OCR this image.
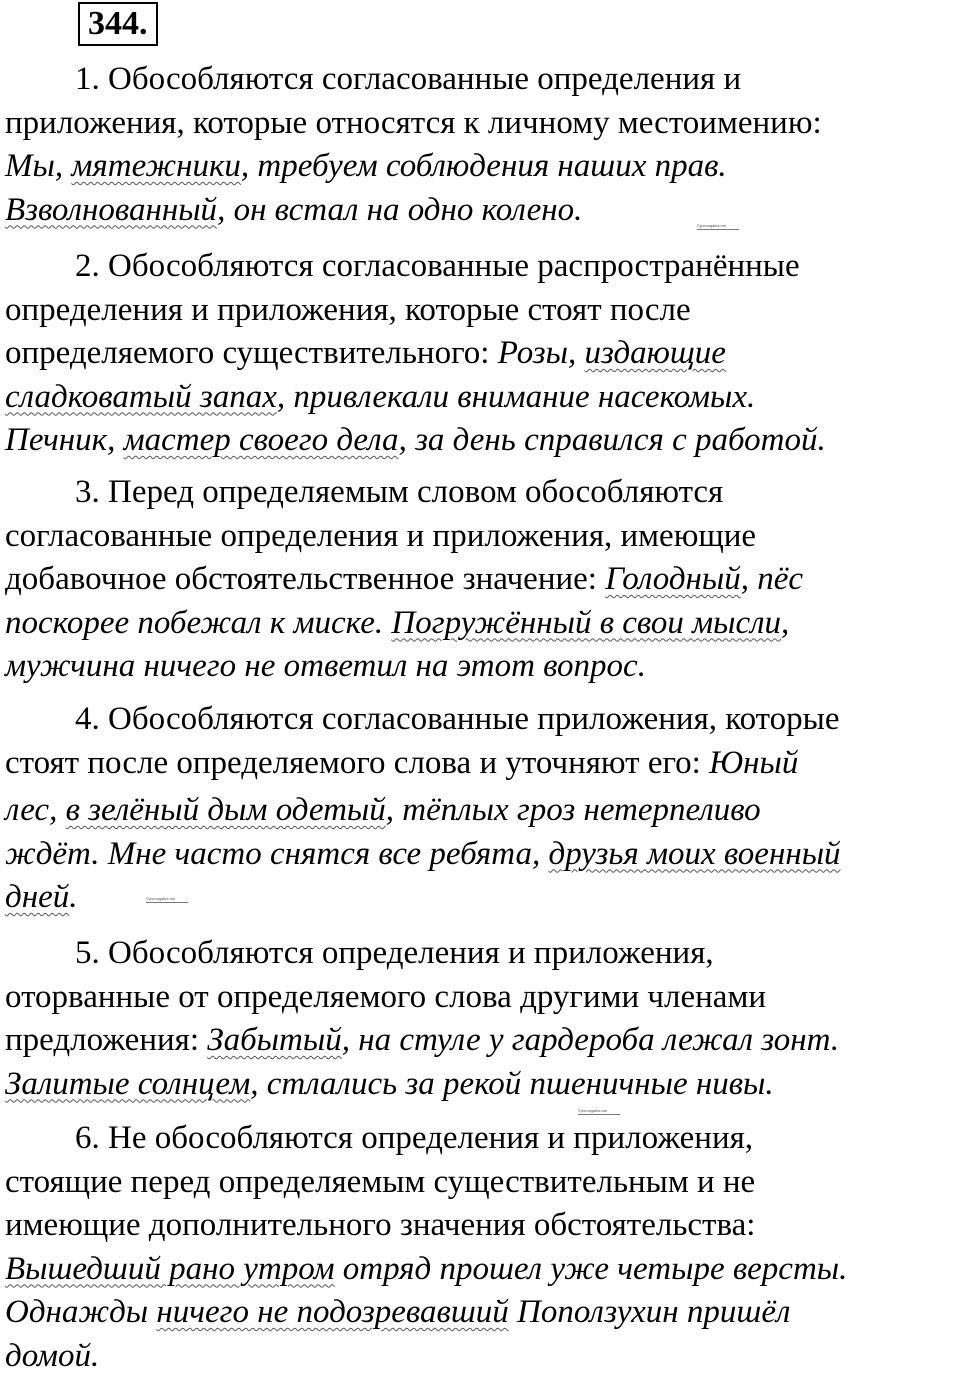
344.
1. Обособляются согласованные определения и
приложения, которые относятся к личному местоимению:
Мы, мятежники, требуем соблюдения наших прав.
Взволнованный, он встал на одно колено.
2. Обособляются согласованные распространённые
определения и приложения, которые стоят после
определяемого существительного: Розы, издающие
сладковатый запах, привлекали внимание насекомых.
Печник, мастер своего дела, за день справился с работой.
3. Перед определяемым словом обособляются
согласованные определения и приложения, имеющие
добавочное обстоятельственное значение: Голодный, пёс
поскорее побежал к миске. Погружённый в свои мысли,
мужчина ничего не ответил на этот вопрос.
4. Обособляются согласованные приложения, которые
стоят после определяемого слова и уточняют его: Юный
лес, в зелёный дым одетый, тёплых гроз нетерпеливо
ждёт. Мне часто снятся все ребята, друзья моих военный
дней.
5. Обособляются определения и приложения,
оторванные от определяемого слова другими членами
предложения: Забытый, на стуле у гардероба лежал зонт.
Залитые солнцем, стлались за рекой пшеничные нивы.
6. Не обособляются определения и приложения,
стоящие перед определяемым существительным и не
имеющие дополнительного значения обстоятельства:
Вышедший рано утром отряд прошел уже четыре версты.
Однажды ничего не подозревавший Поползухин пришёл
домой.
©pomogalka.me
©pomogalka.me
©pomogalka.me
